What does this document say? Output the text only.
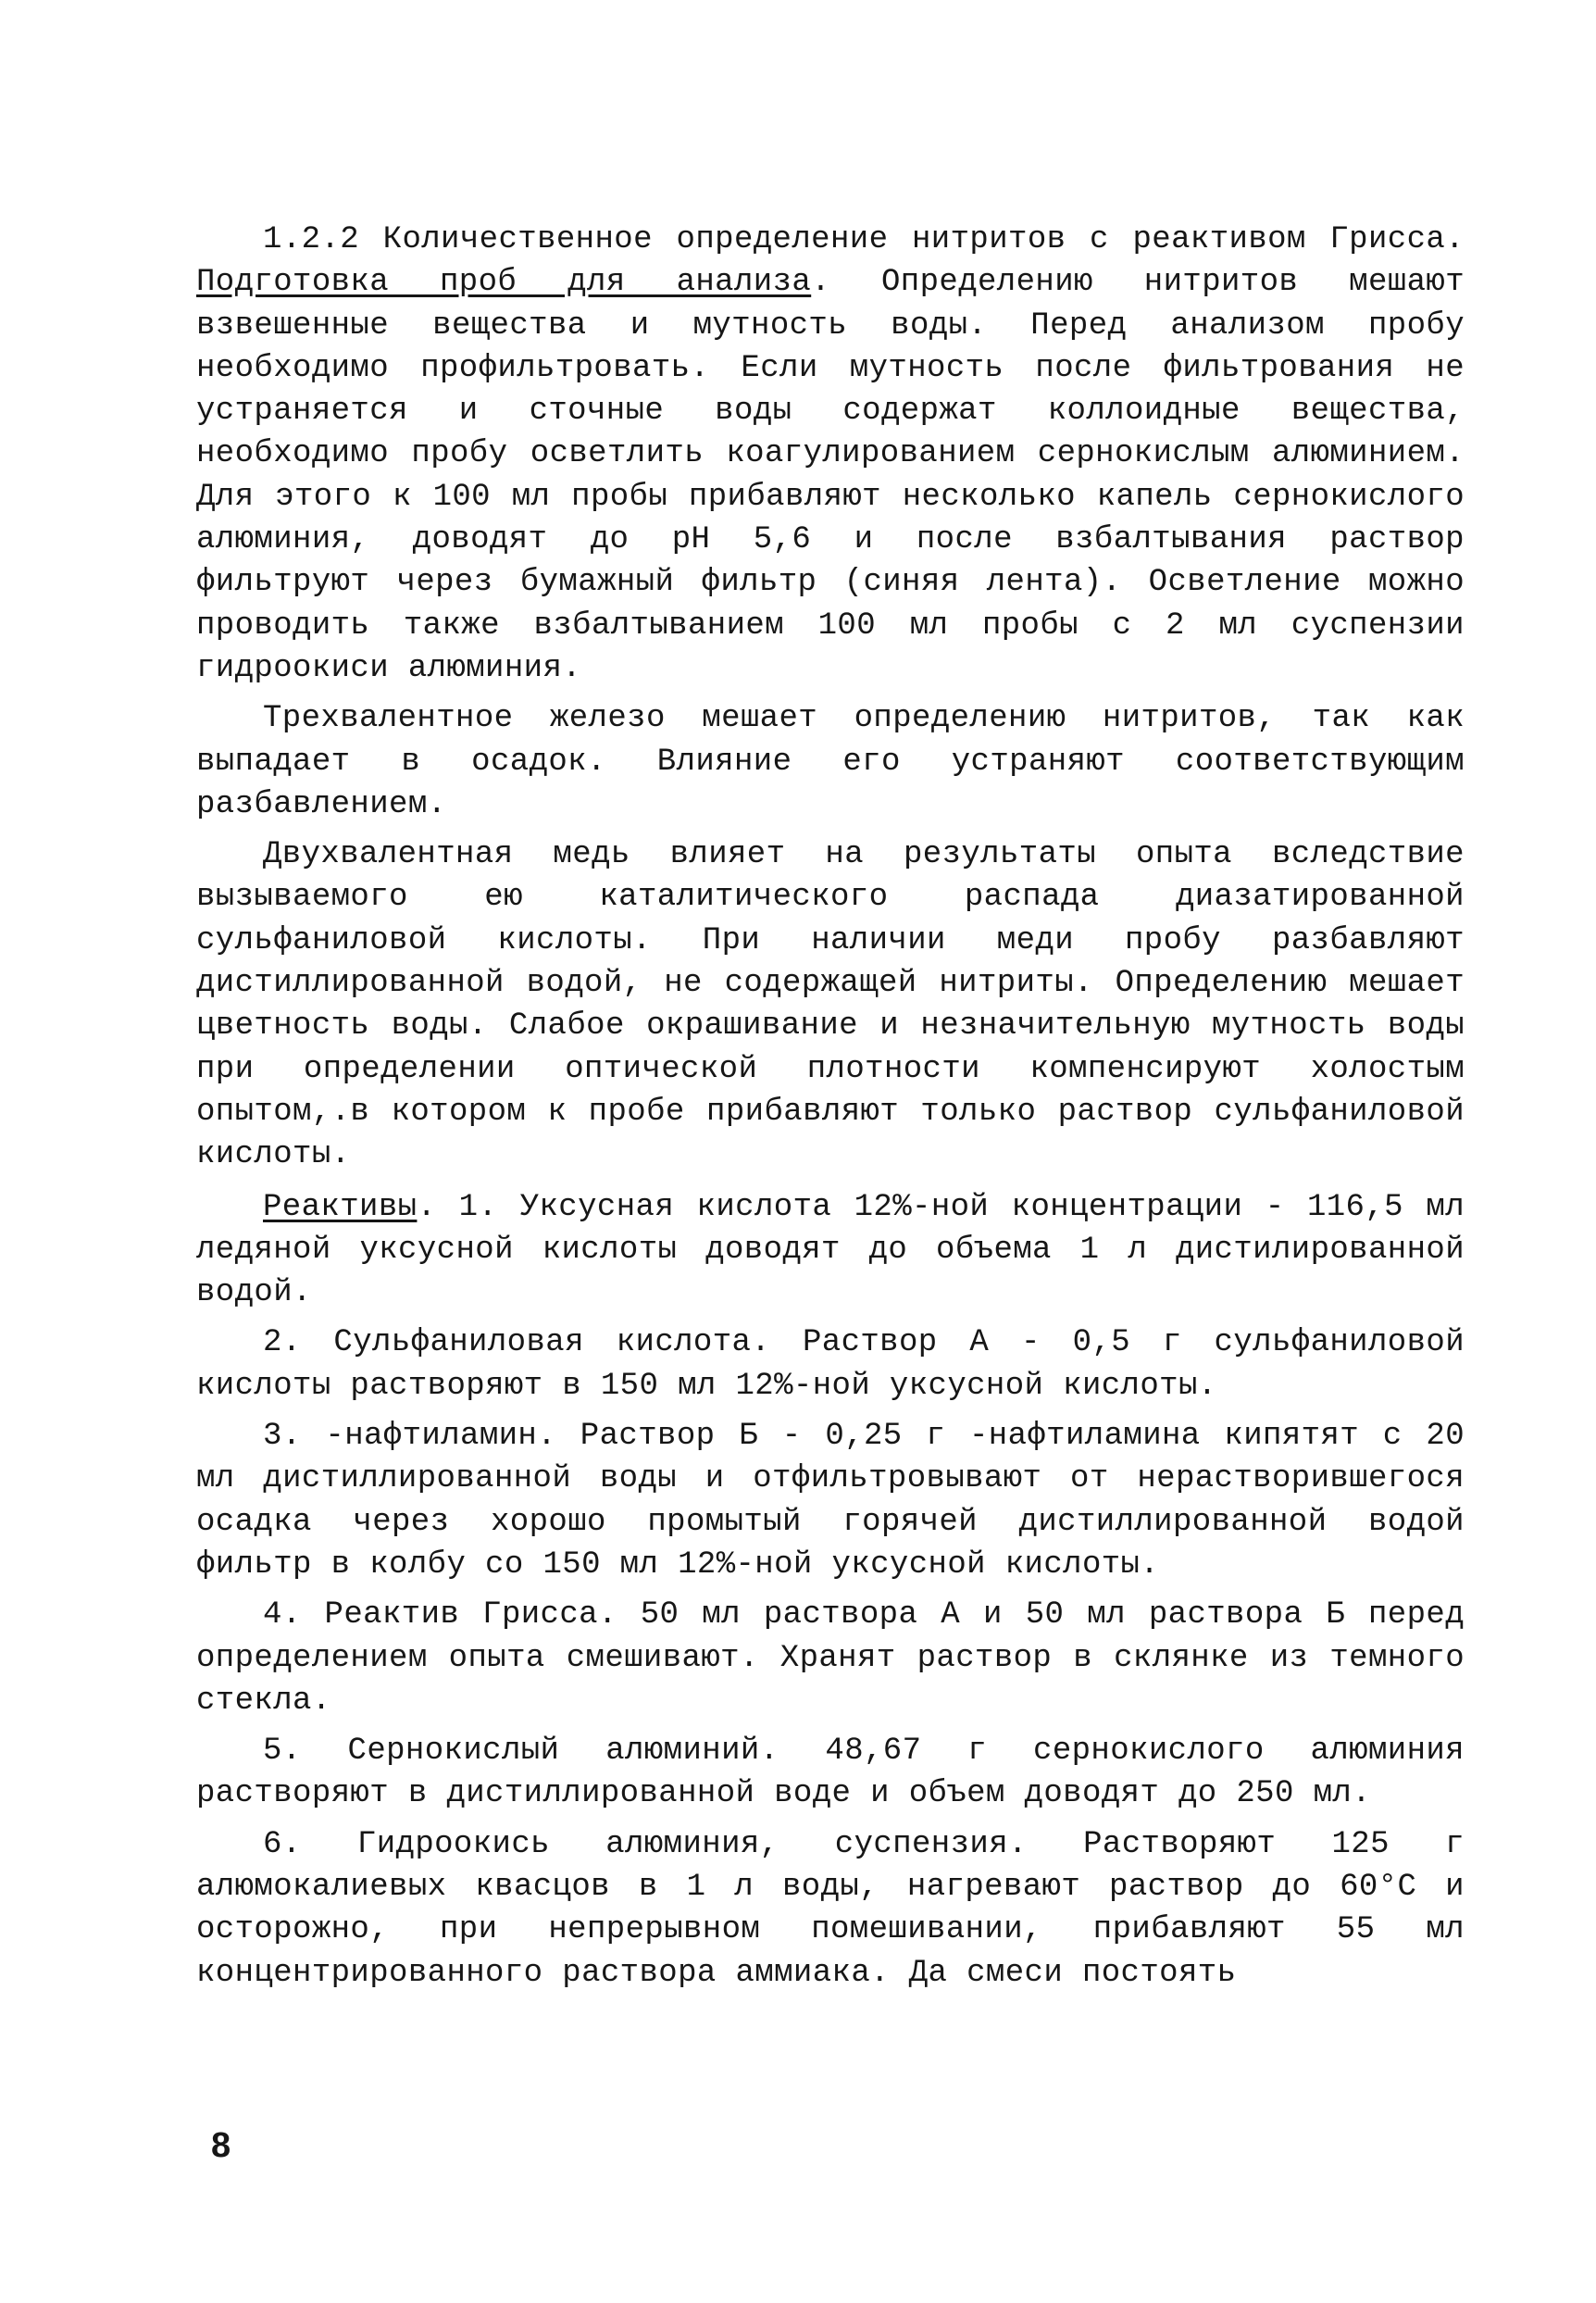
1.2.2 Количественное определение нитритов с реактивом Грисса. Подготовка проб для анализа. Определению нитритов мешают взвешенные вещества и мутность воды. Перед анализом пробу необходимо профильтровать. Если мутность после фильтрования не устраняется и сточные воды содержат коллоидные вещества, необходимо пробу осветлить коагулированием сернокислым алюминием. Для этого к 100 мл пробы прибавляют несколько капель сернокислого алюминия, доводят до pH 5,6 и после взбалтывания раствор фильтруют через бумажный фильтр (синяя лента). Осветление можно проводить также взбалтыванием 100 мл пробы с 2 мл суспензии гидроокиси алюминия.

Трехвалентное железо мешает определению нитритов, так как выпадает в осадок. Влияние его устраняют соответствующим разбавлением.

Двухвалентная медь влияет на результаты опыта вследствие вызываемого ею каталитического распада диазатированной сульфаниловой кислоты. При наличии меди пробу разбавляют дистиллированной водой, не содержащей нитриты. Определению мешает цветность воды. Слабое окрашивание и незначительную мутность воды при определении оптической плотности компенсируют холостым опытом,.в котором к пробе прибавляют только раствор сульфаниловой кислоты.

Реактивы. 1. Уксусная кислота 12%-ной концентрации - 116,5 мл ледяной уксусной кислоты доводят до объема 1 л дистилированной водой.

2. Сульфаниловая кислота. Раствор А - 0,5 г сульфаниловой кислоты растворяют в 150 мл 12%-ной уксусной кислоты.

3. -нафтиламин. Раствор Б - 0,25 г -нафтиламина кипятят с 20 мл дистиллированной воды и отфильтровывают от нерастворившегося осадка через хорошо промытый горячей дистиллированной водой фильтр в колбу со 150 мл 12%-ной уксусной кислоты.

4. Реактив Грисса. 50 мл раствора А и 50 мл раствора Б перед определением опыта смешивают. Хранят раствор в склянке из темного стекла.

5. Сернокислый алюминий. 48,67 г сернокислого алюминия растворяют в дистиллированной воде и объем доводят до 250 мл.

6. Гидроокись алюминия, суспензия. Растворяют 125 г алюмокалиевых квасцов в 1 л воды, нагревают раствор до 60°С и осторожно, при непрерывном помешивании, прибавляют 55 мл концентрированного раствора аммиака. Да смеси постоять

8
